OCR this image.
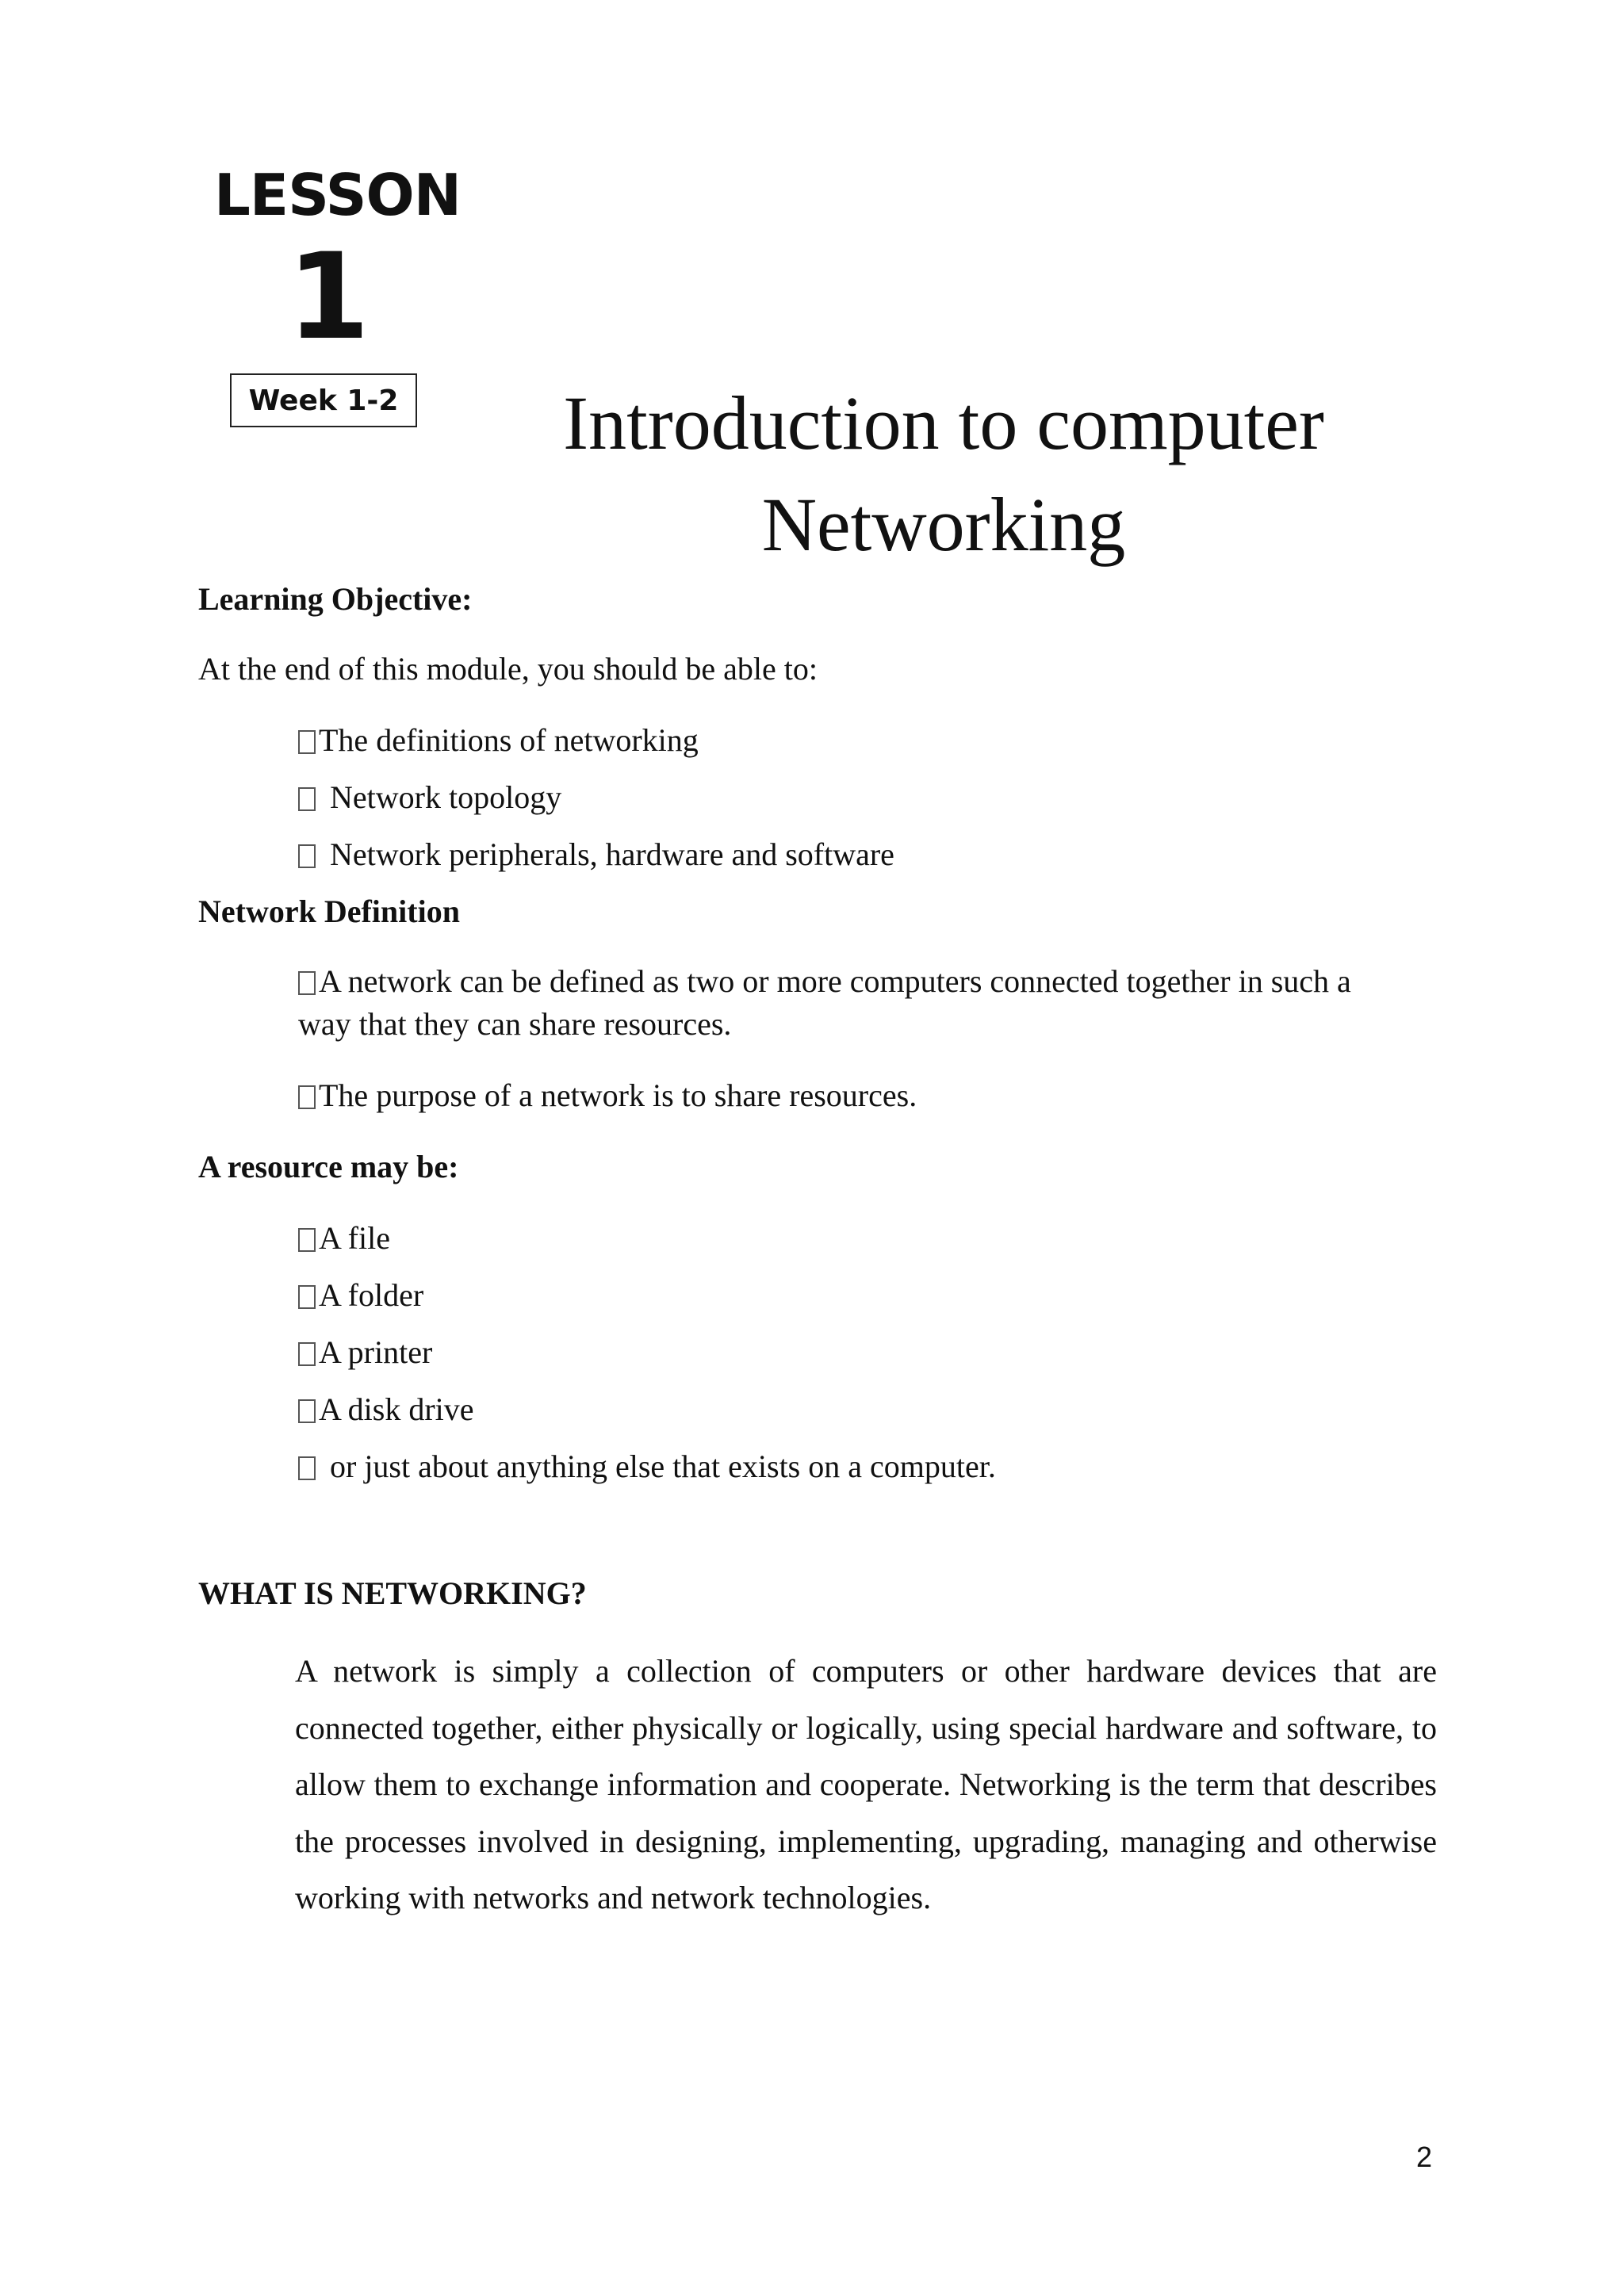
LESSON
1
Week 1-2	Introduction to computer
Networking
Learning Objective:
At the end of this module, you should be able to:
The definitions of networking
Network topology
Network peripherals, hardware and software
Network Definition
A network can be defined as two or more computers connected together in such a
way that they can share resources.
The purpose of a network is to share resources.
A resource may be:
A file
A folder
A printer
A disk drive
or just about anything else that exists on a computer.
WHAT IS NETWORKING?
A network is simply a collection of computers or other hardware devices that are connected together, either physically or logically, using special hardware and software, to allow them to exchange information and cooperate. Networking is the term that describes the processes involved in designing, implementing, upgrading, managing and otherwise working with networks and network technologies.
2
